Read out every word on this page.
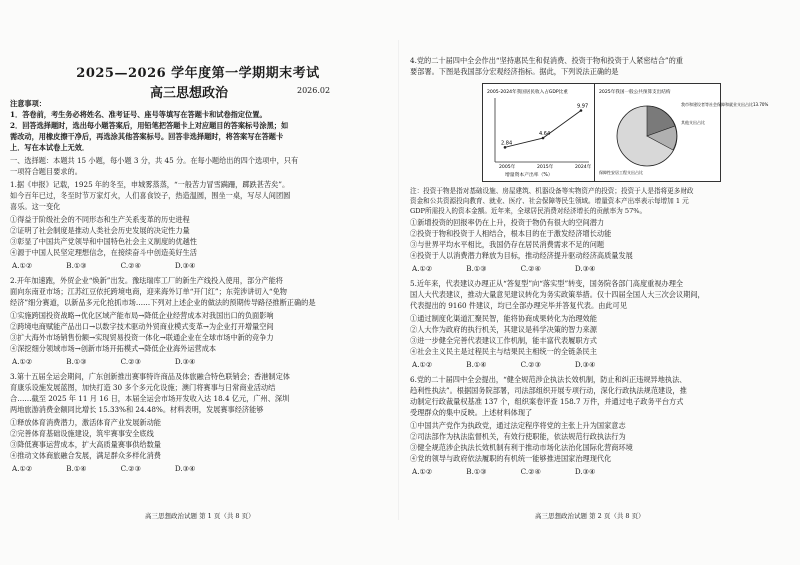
2025—2026 学年度第一学期期末考试
高三思想政治	2026.02
注意事项：
1．答卷前，考生务必将姓名、准考证号、座号等填写在答题卡和试卷指定位置。
2．回答选择题时，选出每小题答案后，用铅笔把答题卡上对应题目的答案标号涂黑；如
需改动，用橡皮擦干净后，再选涂其他答案标号。回答非选择题时，将答案写在答题卡
上．写在本试卷上无效．
一、选择题：本题共 15 小题，每小题 3 分，共 45 分。在每小题给出的四个选项中，只有
一项符合题目要求的。
1.据《申报》记载，1925 年的冬至，申城雾蒸蒸，“一般苦力冒雪蹒跚，踯跌甚苦矣”。
如今百年已过，冬至时节万家灯火，人们喜食饺子，热造温圆，围坐一桌，写尽人间团圆
喜乐。这一变化
①得益于阶级社会的不同形态和生产关系变革的历史进程
②证明了社会制度是推动人类社会历史发展的决定性力量
③彰显了中国共产党领导和中国特色社会主义制度的优越性
④源于中国人民坚定理想信念，在接续奋斗中创造美好生活
A.①②	B.①③	C.②④	D.③④
2.开年加速跑，外贸企业“焕新”出发。豫珐瑞库工厂的新生产线投入使用，部分产能将
面向东南亚市场；江苏红豆依托跨境电商，迎来海外订单“开门红”；东莞涉讲切入“免物
经济”细分赛道，以新品多元化抢抓市场……下列对上述企业的做法的预期传导路径推断正确的是
①实施跨国投资战略→优化区域产能布局→降低企业经营成本对我国出口的负面影响
②跨境电商赋能产品出口→以数字技术驱动外贸商业模式变革→为企业打开增量空间
③扩大海外市场销售份额→实现贸易投资一体化→联通企业在全球市场中新的竞争力
④深挖细分领域市场→创新市场开拓模式→降低企业海外运营成本
A.①②	B.①③	C.②③	D.③④
3.第十五届全运会期间，广东创新推出赛事特许商品及体旅融合特色联销会；香港制定体
育康乐设施发展蓝图，加快打造 30 多个多元化设施；澳门将赛事与日常商业活动结
合……截至 2025 年 11 月 16 日，本届全运会市场开发收入达 18.4 亿元，广州、深圳
两地旅游消费金额同比增长 15.33%和 24.48%。材料表明，发展赛事经济能够
①释放体育消费潜力，激活体育产业发展新动能
②完善体育基础设施建设，筑牢赛事安全底线
③降低赛事运营成本，扩大高质量赛事供给数量
④推动文体商旅融合发展，满足群众多样化消费
A.①②	B.①④	C.②③	D.③④
高三思想政治试题 第 1 页（共 8 页）
4.党的二十届四中全会作出“坚持惠民生和促消费、投资于物和投资于人紧密结合”的重
要部署。下图是我国部分宏观经济指标。据此，下列说法正确的是
2005-2024年我国居民收入占GDP比重
2.84
2005年
4.64
2015年
9.97
2024年
增量资本产出率（%）
2025年我国一般公共预算支出结构
我市和建设者等社会保障和就业支出占比13.70%
其他支出占比
保障性安居工程支出占比
注：投资于物是指对基础设施、房屋建筑、机器设备等实物资产的投资；投资于人是指将更多财政
资金和公共资源投向教育、就业、医疗、社会保障等民生领域。增量资本产出率表示每增加 1 元
GDP所需投入的资本金额。近年来，全球居民消费对经济增长的贡献率为 57%。
①新增投资的回报率仍在上升，投资于物仍有很大的空间潜力
②投资于物和投资于人相结合，根本目的在于激发经济增长动能
③与世界平均水平相比，我国仍存在居民消费需求不足的问题
④投资于人以消费潜力释放为目标，推动经济提升驱动经济高质量发展
A.①②	B.①③	C.②④	D.③④
5.近年来，代表建议办理正从“答复型”向“落实型”转变，国务院各部门高度重视办理全
国人大代表建议，推动大量意见建议转化为务实政策举措。仅十四届全国人大三次会议期间，
代表提出的 9160 件建议，均已全部办理完毕并答复代表。由此可见
①通过制度化渠道汇聚民智，能将协商成果转化为治理效能
②人大作为政府的执行机关，其建议是科学决策的智力来源
③进一步健全完善代表建议工作机制，能丰富代表履职方式
④社会主义民主是过程民主与结果民主相统一的全链条民主
A.①②	B.①④	C.②③	D.③④
6.党的二十届四中全会提出，“健全规范涉企执法长效机制，防止和纠正违规异地执法、
趋利性执法”。根据国务院部署，司法部组织开展专项行动，深化行政执法规范建设，推
动制定行政裁量权基准 137 个，组织案卷评查 158.7 万件，并通过电子政务平台方式
受理群众的集中反映。上述材料体现了
①中国共产党作为执政党，通过法定程序将党的主张上升为国家意志
②司法部作为执法监督机关，有效行使职能，依法规范行政执法行为
③健全规范涉企执法长效机制有利于推动市场化法治化国际化营商环境
④党的领导与政府依法履职的有机统一能够推进国家治理现代化
A.①②	B.①③	C.②④	D.③④
高三思想政治试题 第 2 页（共 8 页）
